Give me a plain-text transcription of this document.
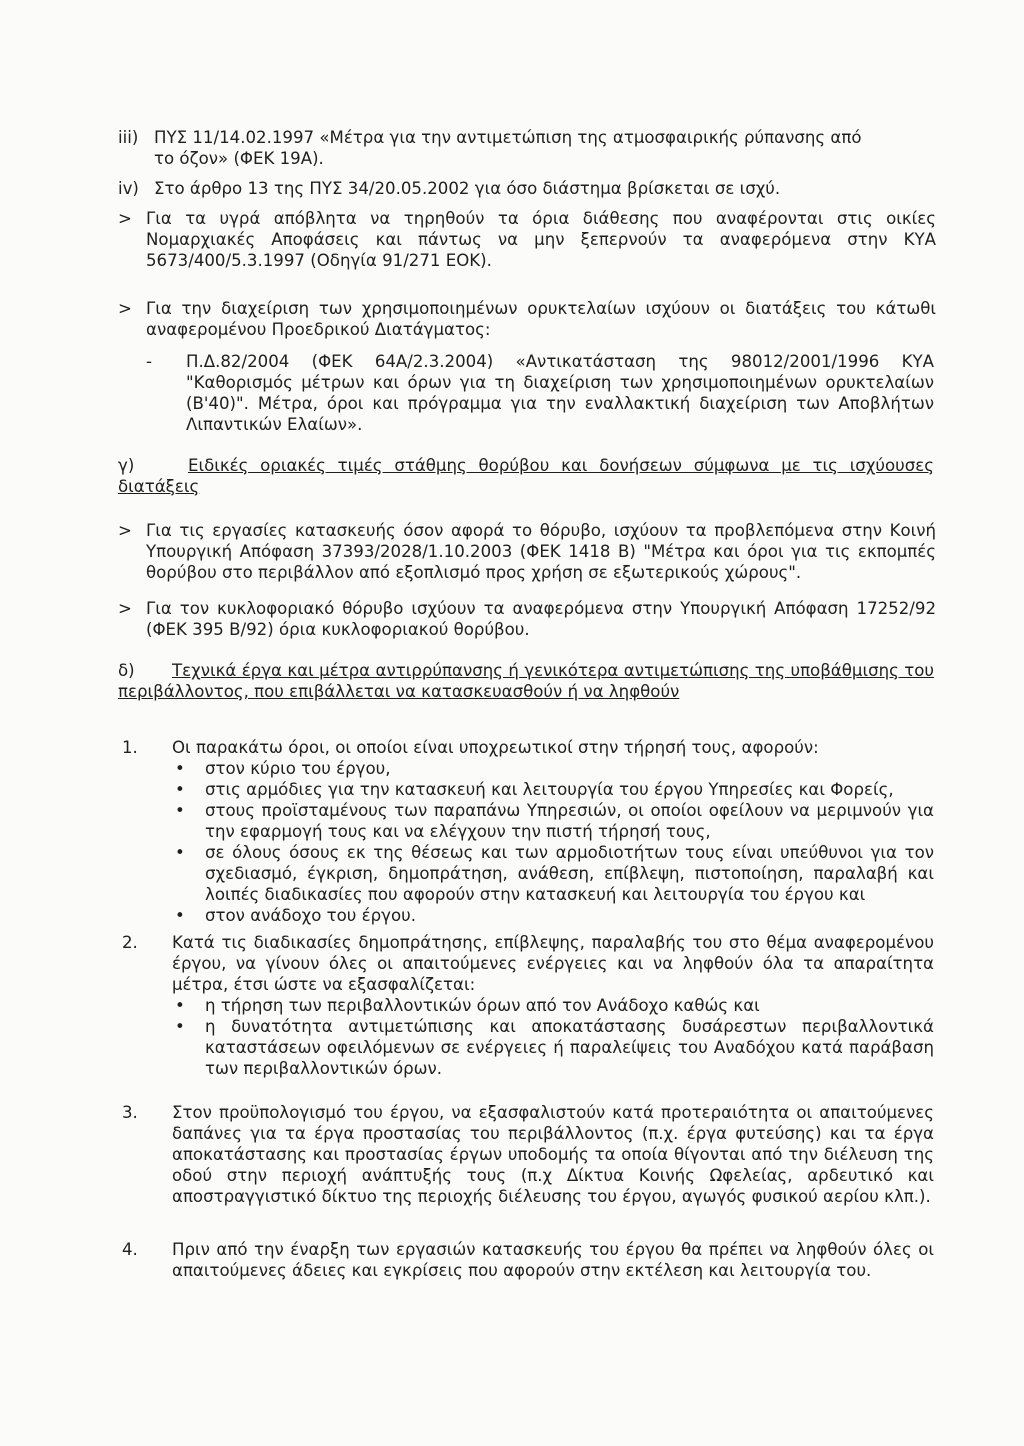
iii) ΠΥΣ 11/14.02.1997 «Μέτρα για την αντιμετώπιση της ατμοσφαιρικής ρύπανσης από
το όζον» (ΦΕΚ 19Α).
iv) Στο άρθρο 13 της ΠΥΣ 34/20.05.2002 για όσο διάστημα βρίσκεται σε ισχύ.
> Για τα υγρά απόβλητα να τηρηθούν τα όρια διάθεσης που αναφέρονται στις οικίες Νομαρχιακές Αποφάσεις και πάντως να μην ξεπερνούν τα αναφερόμενα στην ΚΥΑ 5673/400/5.3.1997 (Οδηγία 91/271 ΕΟΚ).
> Για την διαχείριση των χρησιμοποιημένων ορυκτελαίων ισχύουν οι διατάξεις του κάτωθι αναφερομένου Προεδρικού Διατάγματος:
- Π.Δ.82/2004 (ΦΕΚ 64Α/2.3.2004) «Αντικατάσταση της 98012/2001/1996 ΚΥΑ "Καθορισμός μέτρων και όρων για τη διαχείριση των χρησιμοποιημένων ορυκτελαίων (Β'40)". Μέτρα, όροι και πρόγραμμα για την εναλλακτική διαχείριση των Αποβλήτων Λιπαντικών Ελαίων».
γ)	Ειδικές οριακές τιμές στάθμης θορύβου και δονήσεων σύμφωνα με τις ισχύουσες διατάξεις
> Για τις εργασίες κατασκευής όσον αφορά το θόρυβο, ισχύουν τα προβλεπόμενα στην Κοινή Υπουργική Απόφαση 37393/2028/1.10.2003 (ΦΕΚ 1418 Β) "Μέτρα και όροι για τις εκπομπές θορύβου στο περιβάλλον από εξοπλισμό προς χρήση σε εξωτερικούς χώρους".
> Για τον κυκλοφοριακό θόρυβο ισχύουν τα αναφερόμενα στην Υπουργική Απόφαση 17252/92 (ΦΕΚ 395 Β/92) όρια κυκλοφοριακού θορύβου.
δ) Τεχνικά έργα και μέτρα αντιρρύπανσης ή γενικότερα αντιμετώπισης της υποβάθμισης του περιβάλλοντος, που επιβάλλεται να κατασκευασθούν ή να ληφθούν
1. Οι παρακάτω όροι, οι οποίοι είναι υποχρεωτικοί στην τήρησή τους, αφορούν:
• στον κύριο του έργου,
• στις αρμόδιες για την κατασκευή και λειτουργία του έργου Υπηρεσίες και Φορείς,
• στους προϊσταμένους των παραπάνω Υπηρεσιών, οι οποίοι οφείλουν να μεριμνούν για την εφαρμογή τους και να ελέγχουν την πιστή τήρησή τους,
• σε όλους όσους εκ της θέσεως και των αρμοδιοτήτων τους είναι υπεύθυνοι για τον σχεδιασμό, έγκριση, δημοπράτηση, ανάθεση, επίβλεψη, πιστοποίηση, παραλαβή και λοιπές διαδικασίες που αφορούν στην κατασκευή και λειτουργία του έργου και
• στον ανάδοχο του έργου.
2. Κατά τις διαδικασίες δημοπράτησης, επίβλεψης, παραλαβής του στο θέμα αναφερομένου έργου, να γίνουν όλες οι απαιτούμενες ενέργειες και να ληφθούν όλα τα απαραίτητα μέτρα, έτσι ώστε να εξασφαλίζεται:
• η τήρηση των περιβαλλοντικών όρων από τον Ανάδοχο καθώς και
• η δυνατότητα αντιμετώπισης και αποκατάστασης δυσάρεστων περιβαλλοντικά καταστάσεων οφειλόμενων σε ενέργειες ή παραλείψεις του Αναδόχου κατά παράβαση των περιβαλλοντικών όρων.
3. Στον προϋπολογισμό του έργου, να εξασφαλιστούν κατά προτεραιότητα οι απαιτούμενες δαπάνες για τα έργα προστασίας του περιβάλλοντος (π.χ. έργα φυτεύσης) και τα έργα αποκατάστασης και προστασίας έργων υποδομής τα οποία θίγονται από την διέλευση της οδού στην περιοχή ανάπτυξής τους (π.χ Δίκτυα Κοινής Ωφελείας, αρδευτικό και αποστραγγιστικό δίκτυο της περιοχής διέλευσης του έργου, αγωγός φυσικού αερίου κλπ.).
4. Πριν από την έναρξη των εργασιών κατασκευής του έργου θα πρέπει να ληφθούν όλες οι απαιτούμενες άδειες και εγκρίσεις που αφορούν στην εκτέλεση και λειτουργία του.
